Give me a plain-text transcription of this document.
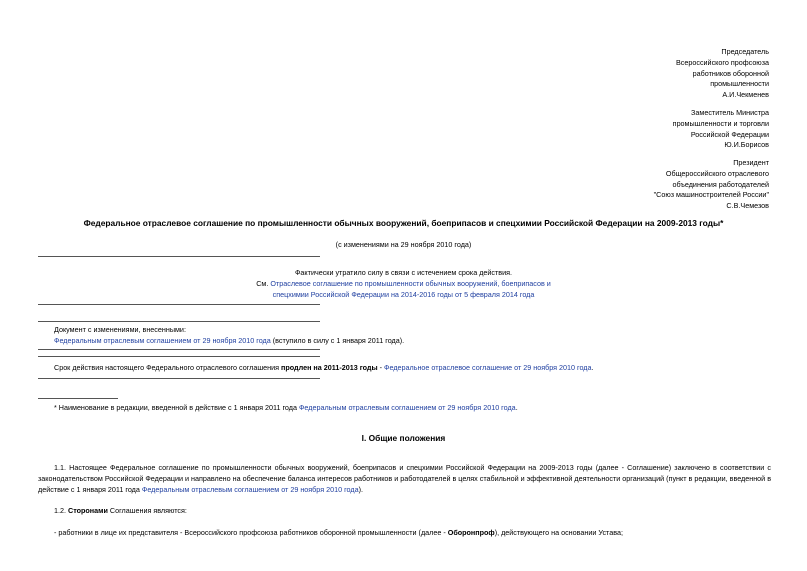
Председатель
Всероссийского профсоюза
работников оборонной
промышленности
А.И.Чекменев
Заместитель Министра
промышленности и торговли
Российской Федерации
Ю.И.Борисов
Президент
Общероссийского отраслевого
объединения работодателей
"Союз машиностроителей России"
С.В.Чемезов
Федеральное отраслевое соглашение по промышленности обычных вооружений, боеприпасов и спецхимии Российской Федерации на 2009-2013 годы*
(с изменениями на 29 ноября 2010 года)
Фактически утратило силу в связи с истечением срока действия.
См. Отраслевое соглашение по промышленности обычных вооружений, боеприпасов и
спецхимии Российской Федерации на 2014-2016 годы от 5 февраля 2014 года
Документ с изменениями, внесенными:
Федеральным отраслевым соглашением от 29 ноября 2010 года (вступило в силу с 1 января 2011 года).
Срок действия настоящего Федерального отраслевого соглашения продлен на 2011-2013 годы - Федеральное отраслевое соглашение от 29 ноября 2010 года.
* Наименование в редакции, введенной в действие с 1 января 2011 года Федеральным отраслевым соглашением от 29 ноября 2010 года.
I. Общие положения
1.1. Настоящее Федеральное соглашение по промышленности обычных вооружений, боеприпасов и спецхимии Российской Федерации на 2009-2013 годы (далее - Соглашение) заключено в соответствии с законодательством Российской Федерации и направлено на обеспечение баланса интересов работников и работодателей в целях стабильной и эффективной деятельности организаций (пункт в редакции, введенной в действие с 1 января 2011 года Федеральным отраслевым соглашением от 29 ноября 2010 года).
1.2. Сторонами Соглашения являются:
- работники в лице их представителя - Всероссийского профсоюза работников оборонной промышленности (далее - Оборонпроф), действующего на основании Устава;
